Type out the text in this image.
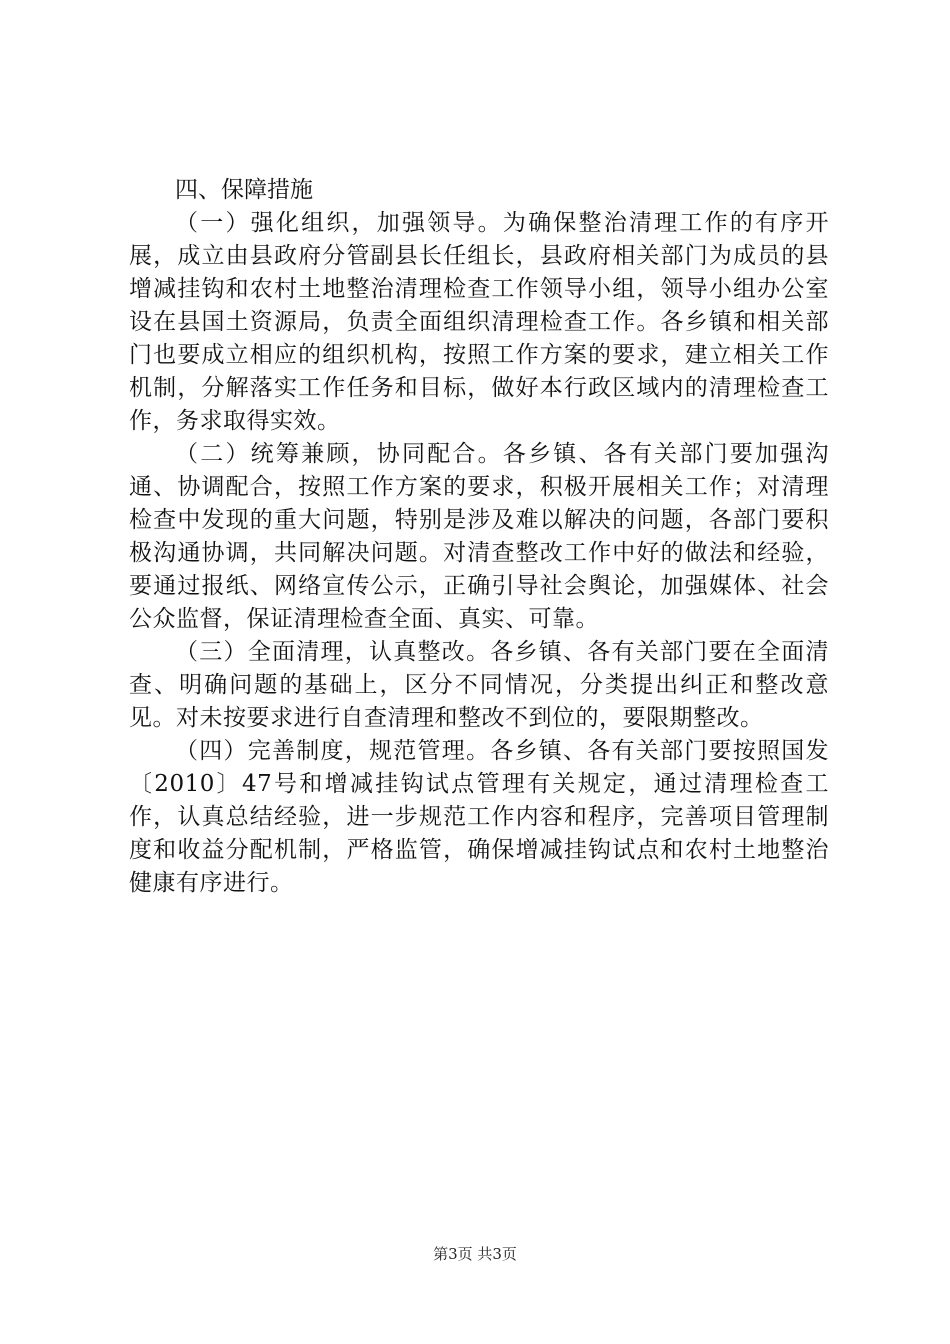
四、保障措施

（一）强化组织，加强领导。为确保整治清理工作的有序开展，成立由县政府分管副县长任组长，县政府相关部门为成员的县增减挂钩和农村土地整治清理检查工作领导小组，领导小组办公室设在县国土资源局，负责全面组织清理检查工作。各乡镇和相关部门也要成立相应的组织机构，按照工作方案的要求，建立相关工作机制，分解落实工作任务和目标，做好本行政区域内的清理检查工作，务求取得实效。

（二）统筹兼顾，协同配合。各乡镇、各有关部门要加强沟通、协调配合，按照工作方案的要求，积极开展相关工作；对清理检查中发现的重大问题，特别是涉及难以解决的问题，各部门要积极沟通协调，共同解决问题。对清查整改工作中好的做法和经验，要通过报纸、网络宣传公示，正确引导社会舆论，加强媒体、社会公众监督，保证清理检查全面、真实、可靠。

（三）全面清理，认真整改。各乡镇、各有关部门要在全面清查、明确问题的基础上，区分不同情况，分类提出纠正和整改意见。对未按要求进行自查清理和整改不到位的，要限期整改。

（四）完善制度，规范管理。各乡镇、各有关部门要按照国发〔2010〕47号和增减挂钩试点管理有关规定，通过清理检查工作，认真总结经验，进一步规范工作内容和程序，完善项目管理制度和收益分配机制，严格监管，确保增减挂钩试点和农村土地整治健康有序进行。

第3页 共3页
